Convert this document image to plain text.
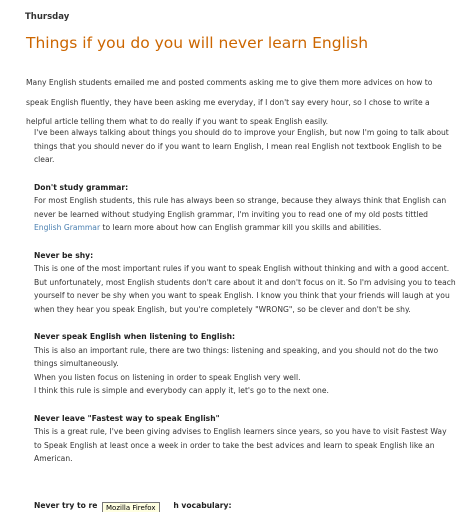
Thursday
Things if you do you will never learn English
Many English students emailed me and posted comments asking me to give them more advices on how to speak English fluently, they have been asking me everyday, if I don't say every hour, so I chose to write a helpful article telling them what to do really if you want to speak English easily.

I've been always talking about things you should do to improve your English, but now I'm going to talk about things that you should never do if you want to learn English, I mean real English not textbook English to be clear.

Don't study grammar:

For most English students, this rule has always been so strange, because they always think that English can never be learned without studying English grammar, I'm inviting you to read one of my old posts tittled English Grammar to learn more about how can English grammar kill you skills and abilities.

Never be shy:

This is one of the most important rules if you want to speak English without thinking and with a good accent. But unfortunately, most English students don't care about it and don't focus on it. So I'm advising you to teach yourself to never be shy when you want to speak English. I know you think that your friends will laugh at you when they hear you speak English, but you're completely "WRONG", so be clever and don't be shy.

Never speak English when listening to English:

This is also an important rule, there are two things: listening and speaking, and you should not do the two things simultaneously.

When you listen focus on listening in order to speak English very well.

I think this rule is simple and everybody can apply it, let's go to the next one.

Never leave "Fastest way to speak English"

This is a great rule, I've been giving advises to English learners since years, so you have to visit Fastest Way to Speak English at least once a week in order to take the best advices and learn to speak English like an American.

Never try to re	h vocabulary:
Mozilla Firefox
